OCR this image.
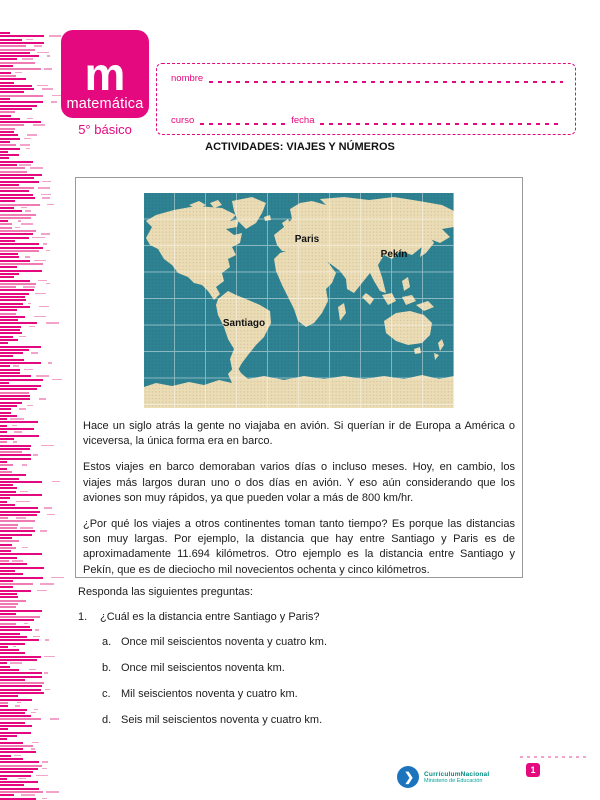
m
matemática
5° básico
nombre
curso	fecha
ACTIVIDADES: VIAJES Y NÚMEROS
Paris
Pekín
Santiago

Hace un siglo atrás la gente no viajaba en avión. Si querían ir de Europa a América o viceversa, la única forma era en barco.

Estos viajes en barco demoraban varios días o incluso meses. Hoy, en cambio, los viajes más largos duran uno o dos días en avión. Y eso aún considerando que los aviones son muy rápidos, ya que pueden volar a más de 800 km/hr.

¿Por qué los viajes a otros continentes toman tanto tiempo? Es porque las distancias son muy largas. Por ejemplo, la distancia que hay entre Santiago y Paris es de aproximadamente 11.694 kilómetros. Otro ejemplo es la distancia entre Santiago y Pekín, que es de dieciocho mil novecientos ochenta y cinco kilómetros.

Responda las siguientes preguntas:
1.	¿Cuál es la distancia entre Santiago y Paris?
a. Once mil seiscientos noventa y cuatro km.
b. Once mil seiscientos noventa km.
c. Mil seiscientos noventa y cuatro km.
d. Seis mil seiscientos noventa y cuatro km.
❯	CurrículumNacional
Ministerio de Educación
1
